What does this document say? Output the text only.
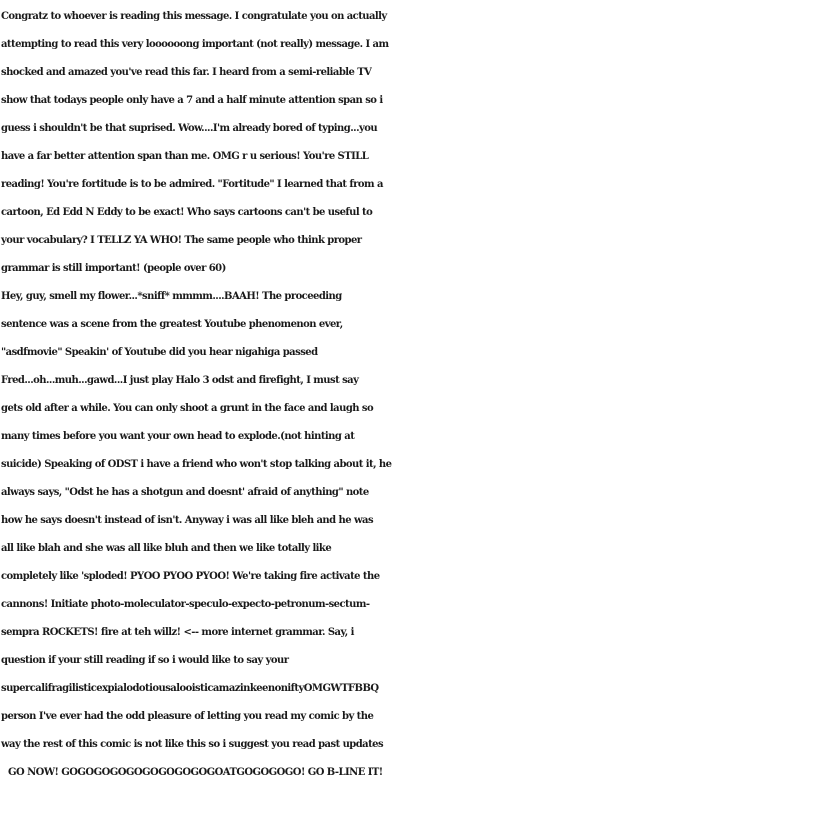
Congratz to whoever is reading this message. I congratulate you on actually
attempting to read this very loooooong important (not really) message. I am
shocked and amazed you've read this far. I heard from a semi-reliable TV
show that todays people only have a 7 and a half minute attention span so i
guess i shouldn't be that suprised. Wow....I'm already bored of typing...you
have a far better attention span than me. OMG r u serious! You're STILL
reading! You're fortitude is to be admired. "Fortitude" I learned that from a
cartoon, Ed Edd N Eddy to be exact! Who says cartoons can't be useful to
your vocabulary? I TELLZ YA WHO! The same people who think proper
grammar is still important! (people over 60)
Hey, guy, smell my flower...*sniff* mmmm....BAAH! The proceeding
sentence was a scene from the greatest Youtube phenomenon ever,
"asdfmovie" Speakin' of Youtube did you hear nigahiga passed
Fred...oh...muh...gawd...I just play Halo 3 odst and firefight, I must say
gets old after a while. You can only shoot a grunt in the face and laugh so
many times before you want your own head to explode.(not hinting at
suicide) Speaking of ODST i have a friend who won't stop talking about it, he
always says, "Odst he has a shotgun and doesnt' afraid of anything" note
how he says doesn't instead of isn't. Anyway i was all like bleh and he was
all like blah and she was all like bluh and then we like totally like
completely like 'sploded! PYOO PYOO PYOO! We're taking fire activate the
cannons! Initiate photo-moleculator-speculo-expecto-petronum-sectum-
sempra ROCKETS! fire at teh willz! <-- more internet grammar. Say, i
question if your still reading if so i would like to say your
supercalifragilisticexpialodotiousalooisticamazinkeenoniftyOMGWTFBBQ
person I've ever had the odd pleasure of letting you read my comic by the
way the rest of this comic is not like this so i suggest you read past updates
GO NOW! GOGOGOGOGOGOGOGOGOGOATGOGOGOGO! GO B-LINE IT!
